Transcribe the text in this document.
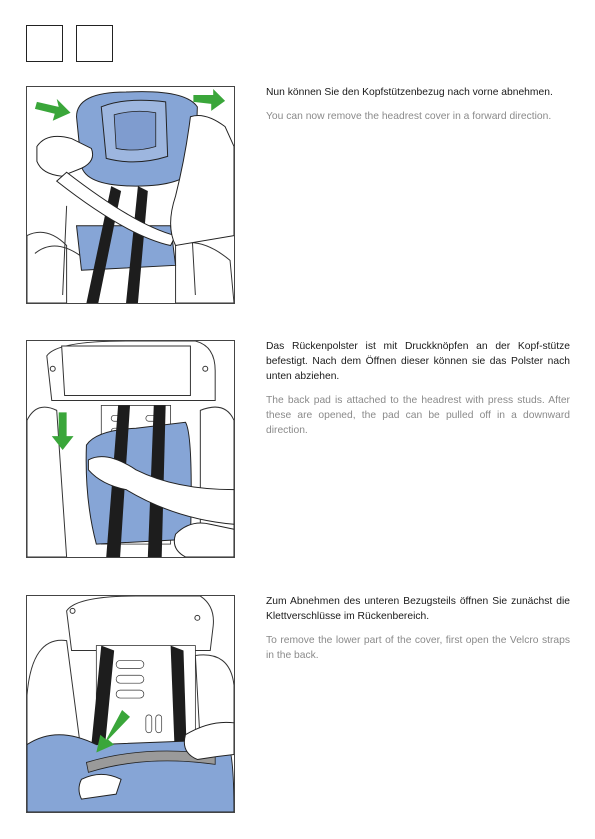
Nun können Sie den Kopfstützenbezug nach vorne abnehmen.

You can now remove the headrest cover in a forward direction.

Das Rückenpolster ist mit Druckknöpfen an der Kopf-stütze befestigt. Nach dem Öffnen dieser können sie das Polster nach unten abziehen.

The back pad is attached to the headrest with press studs. After these are opened, the pad can be pulled off in a downward direction.

Zum Abnehmen des unteren Bezugsteils öffnen Sie zunächst die Klettverschlüsse im Rückenbereich.

To remove the lower part of the cover, first open the Velcro straps in the back.
